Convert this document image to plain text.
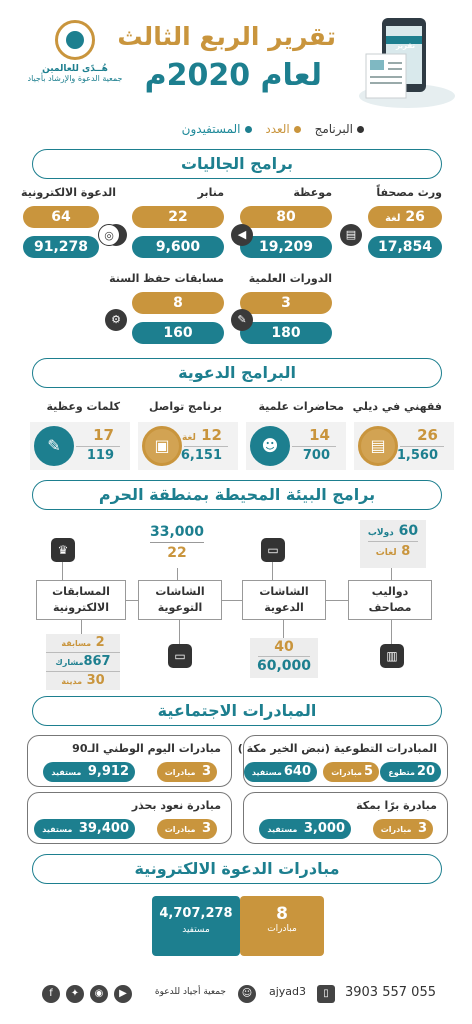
تقرير الربع الثالث
لعام 2020م
هُــدًى للعالمين
جمعية الدعوة والإرشاد بأجياد
تقرير
البرنامج العدد المستفيدون
برامج الجاليات
ورث مصحفاً
26 لغة
17,854
▤
موعظة
80
19,209
◀
منابر
22
9,600
الدعوة الالكترونية
64
91,278
◎
الدورات العلمية
3
180
✎
مسابقات حفظ السنة
8
160
⚙
البرامج الدعوية
فقهني في ديلي
26
1,560
▤
محاضرات علمية
14
700
☻
برنامج تواصل
12 لغة
6,151
▣
كلمات وعظية
17
119
✎
برامج البيئة المحيطة بمنطقة الحرم
60 دولاب
8 لغات
33,000
22	▭
♛
دواليب مصاحف
الشاشات الدعوية
الشاشات التوعوية
المسابقات الالكترونية
▥
40
60,000
▭
2 مسابقة
867مشارك
30 مدينة
المبادرات الاجتماعية
المبادرات التطوعية (نبض الخير مكة )
20متطوع
5مبادرات
640مستفيد
مبادرات اليوم الوطني الـ90
3 مبادرات
9,912 مستفيد
مبادرة برًا بمكة
3 مبادرات
3,000 مستفيد
مبادرة نعود بحذر
3 مبادرات
39,400 مستفيد
مبادرات الدعوة الالكترونية
8
مبادرات
4,707,278
مستفيد
055 557 3903
▯
ajyad3
☺
جمعية أجياد للدعوة
▶
◉
✦
f
